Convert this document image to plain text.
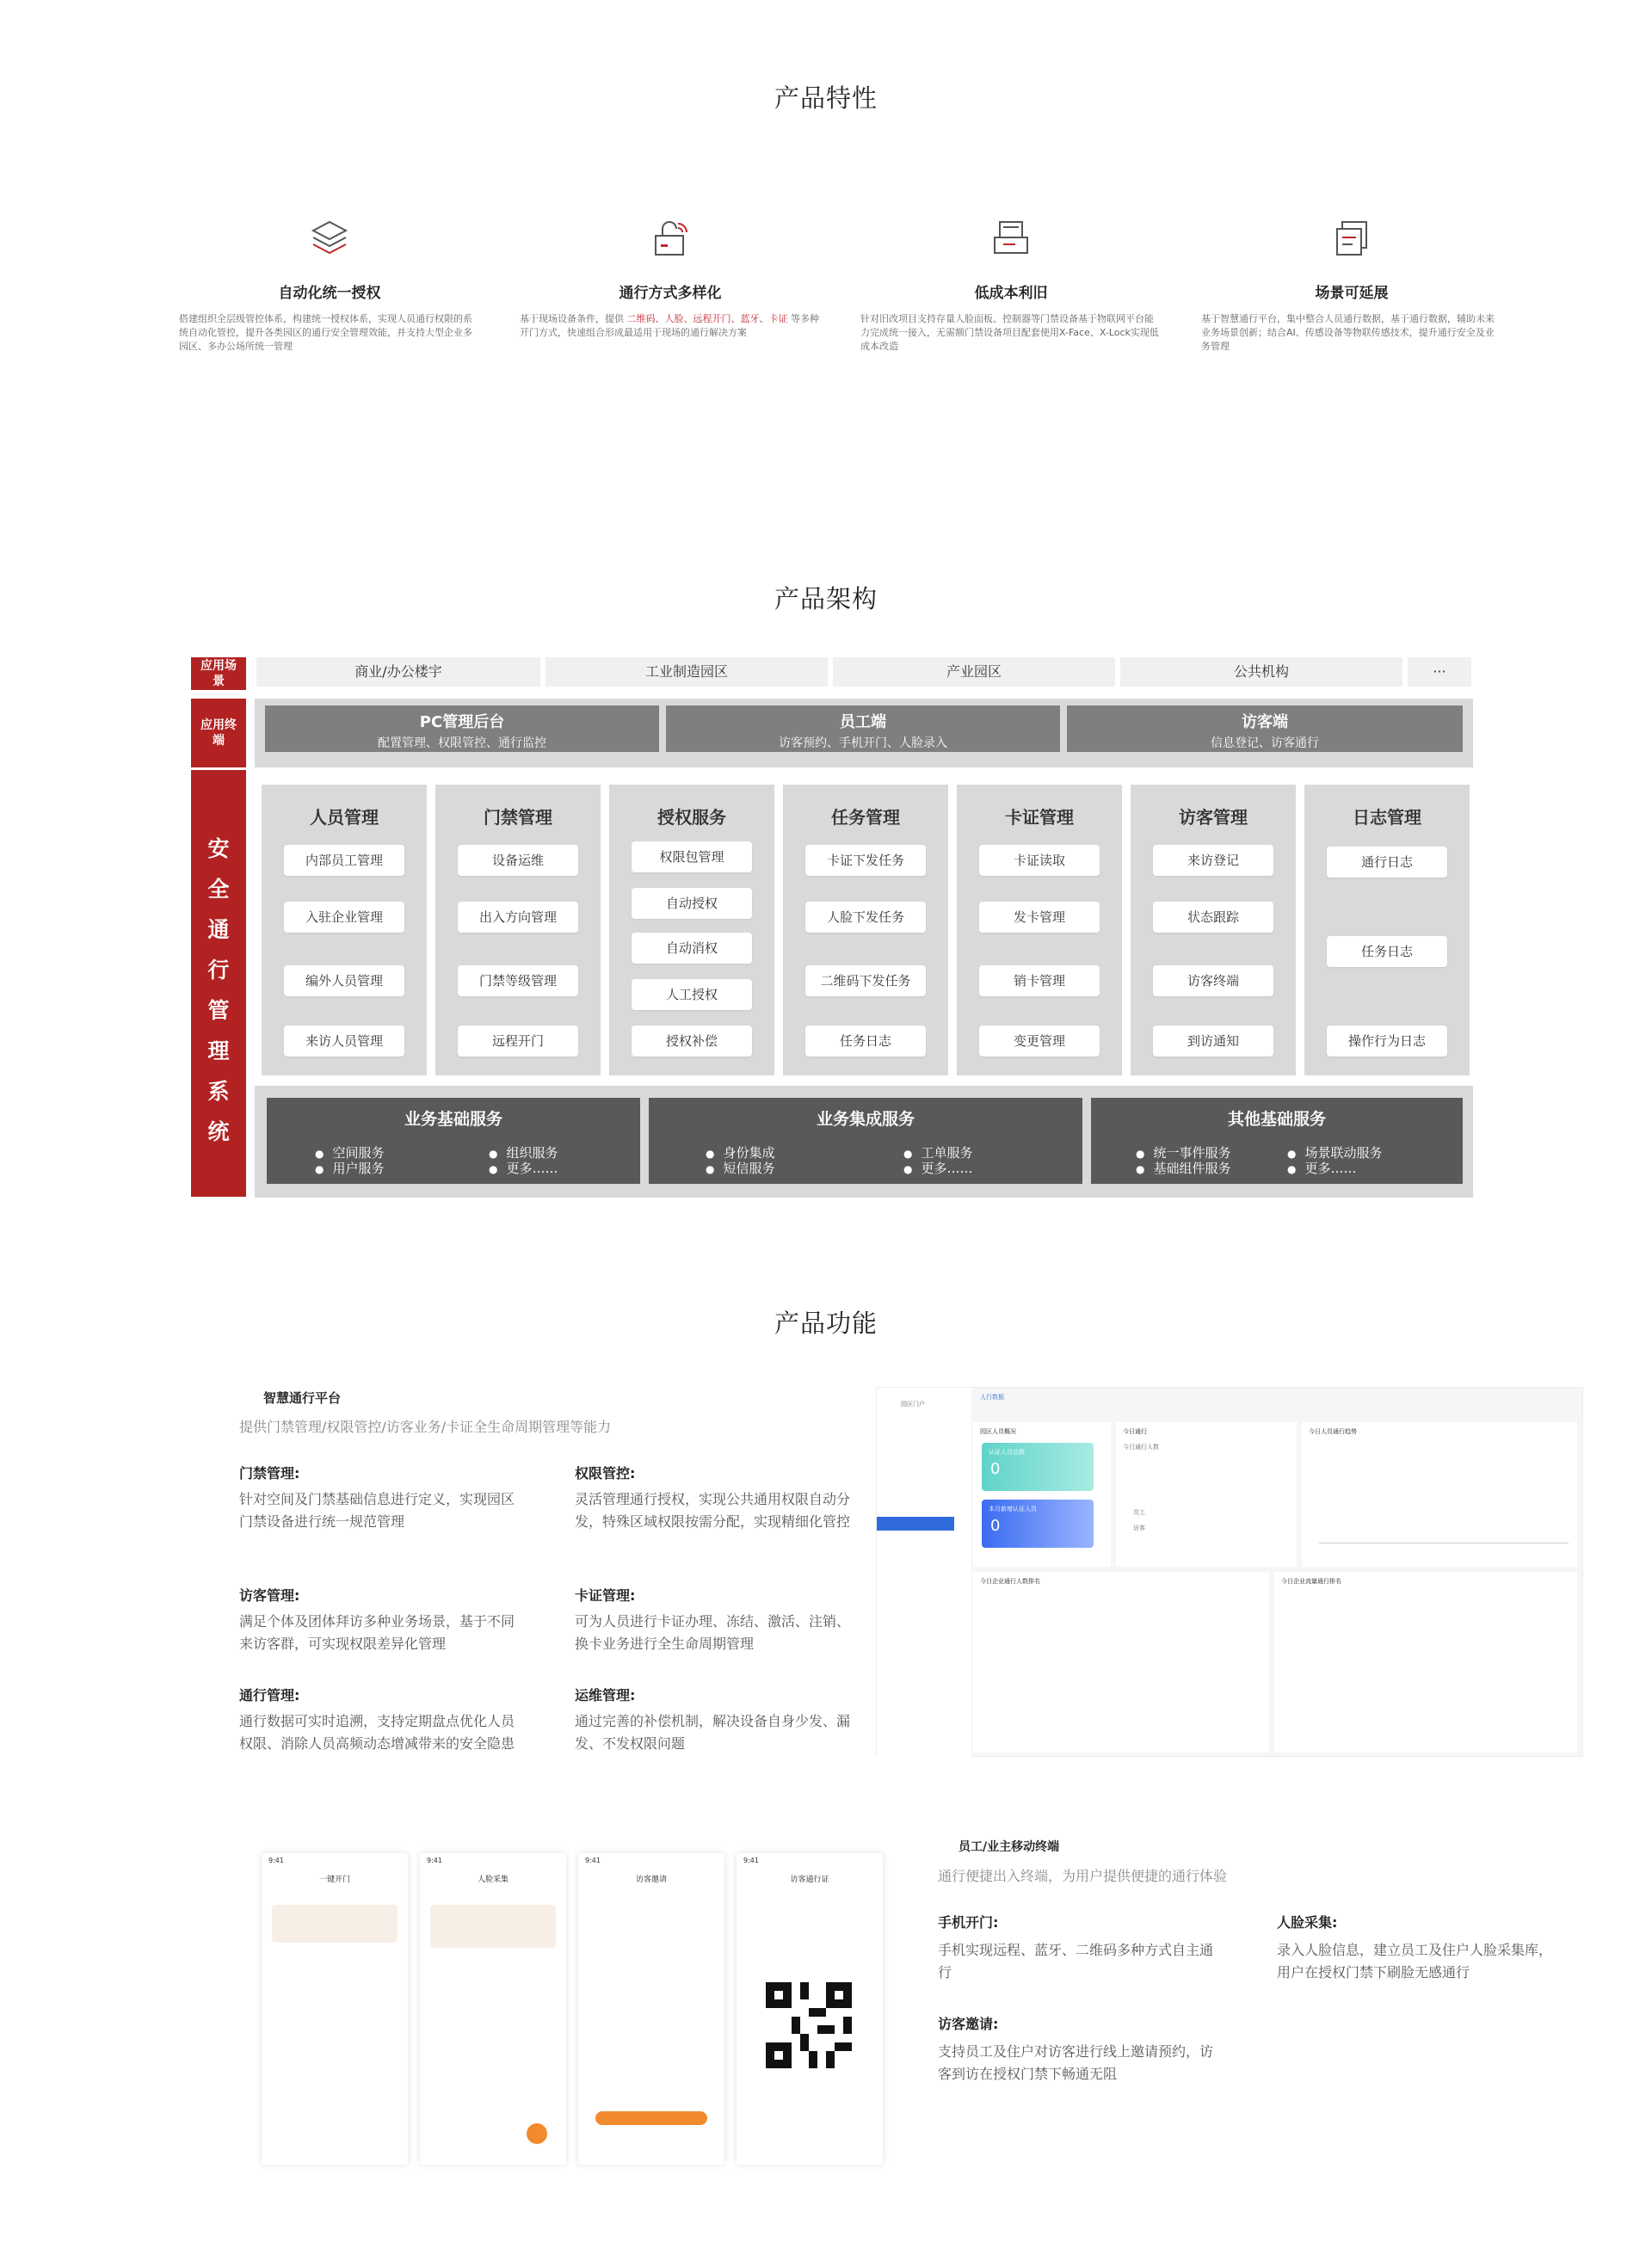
产品特性
自动化统一授权
搭建组织全层级管控体系，构建统一授权体系，实现人员通行权限的系统自动化管控，提升各类园区的通行安全管理效能，并支持大型企业多园区、多办公场所统一管理
通行方式多样化
基于现场设备条件，提供 二维码、人脸、远程开门、蓝牙、卡证 等多种开门方式，快速组合形成最适用于现场的通行解决方案
低成本利旧
针对旧改项目支持存量人脸面板、控制器等门禁设备基于物联网平台能力完成统一接入，无需额门禁设备项目配套使用X-Face、X-Lock实现低成本改造
场景可延展
基于智慧通行平台，集中整合人员通行数据，基于通行数据，辅助未来业务场景创新；结合AI、传感设备等物联传感技术，提升通行安全及业务管理
产品架构
应用场景
商业/办公楼宇	工业制造园区	产业园区	公共机构	···
应用终端
PC管理后台
配置管理、权限管控、通行监控
员工端
访客预约、手机开门、人脸录入
访客端
信息登记、访客通行
安
全
通
行
管
理
系
统
人员管理
内部员工管理
入驻企业管理
编外人员管理
来访人员管理
门禁管理
设备运维
出入方向管理
门禁等级管理
远程开门
授权服务
权限包管理
自动授权
自动消权
人工授权
授权补偿
任务管理
卡证下发任务
人脸下发任务
二维码下发任务
任务日志
卡证管理
卡证读取
发卡管理
销卡管理
变更管理
访客管理
来访登记
状态跟踪
访客终端
到访通知
日志管理
通行日志
任务日志
操作行为日志
业务基础服务
● 空间服务	● 组织服务
● 用户服务	● 更多……
业务集成服务
● 身份集成	● 工单服务
● 短信服务	● 更多……
其他基础服务
● 统一事件服务	● 场景联动服务
● 基础组件服务	● 更多……
产品功能
智慧通行平台
提供门禁管理/权限管控/访客业务/卡证全生命周期管理等能力
门禁管理:
针对空间及门禁基础信息进行定义，实现园区门禁设备进行统一规范管理
权限管控:
灵活管理通行授权，实现公共通用权限自动分发，特殊区域权限按需分配，实现精细化管控
访客管理:
满足个体及团体拜访多种业务场景，基于不同来访客群，可实现权限差异化管理
卡证管理:
可为人员进行卡证办理、冻结、激活、注销、换卡业务进行全生命周期管理
通行管理:
通行数据可实时追溯，支持定期盘点优化人员权限、消除人员高频动态增减带来的安全隐患
运维管理:
通过完善的补偿机制，解决设备自身少发、漏发、不发权限问题
园区门户
人行数据
园区人员概况
认证人员总数
0
本月新增认证人员
0
今日通行
今日通行人数
员工
访客
今日人员通行趋势
今日企业通行人数排名	今日企业流量通行排名
9:41
一键开门
9:41
人脸采集
9:41
访客邀请
9:41
访客通行证
员工/业主移动终端
通行便捷出入终端，为用户提供便捷的通行体验
手机开门:
手机实现远程、蓝牙、二维码多种方式自主通行
人脸采集:
录入人脸信息，建立员工及住户人脸采集库，用户在授权门禁下刷脸无感通行
访客邀请:
支持员工及住户对访客进行线上邀请预约，访客到访在授权门禁下畅通无阻
